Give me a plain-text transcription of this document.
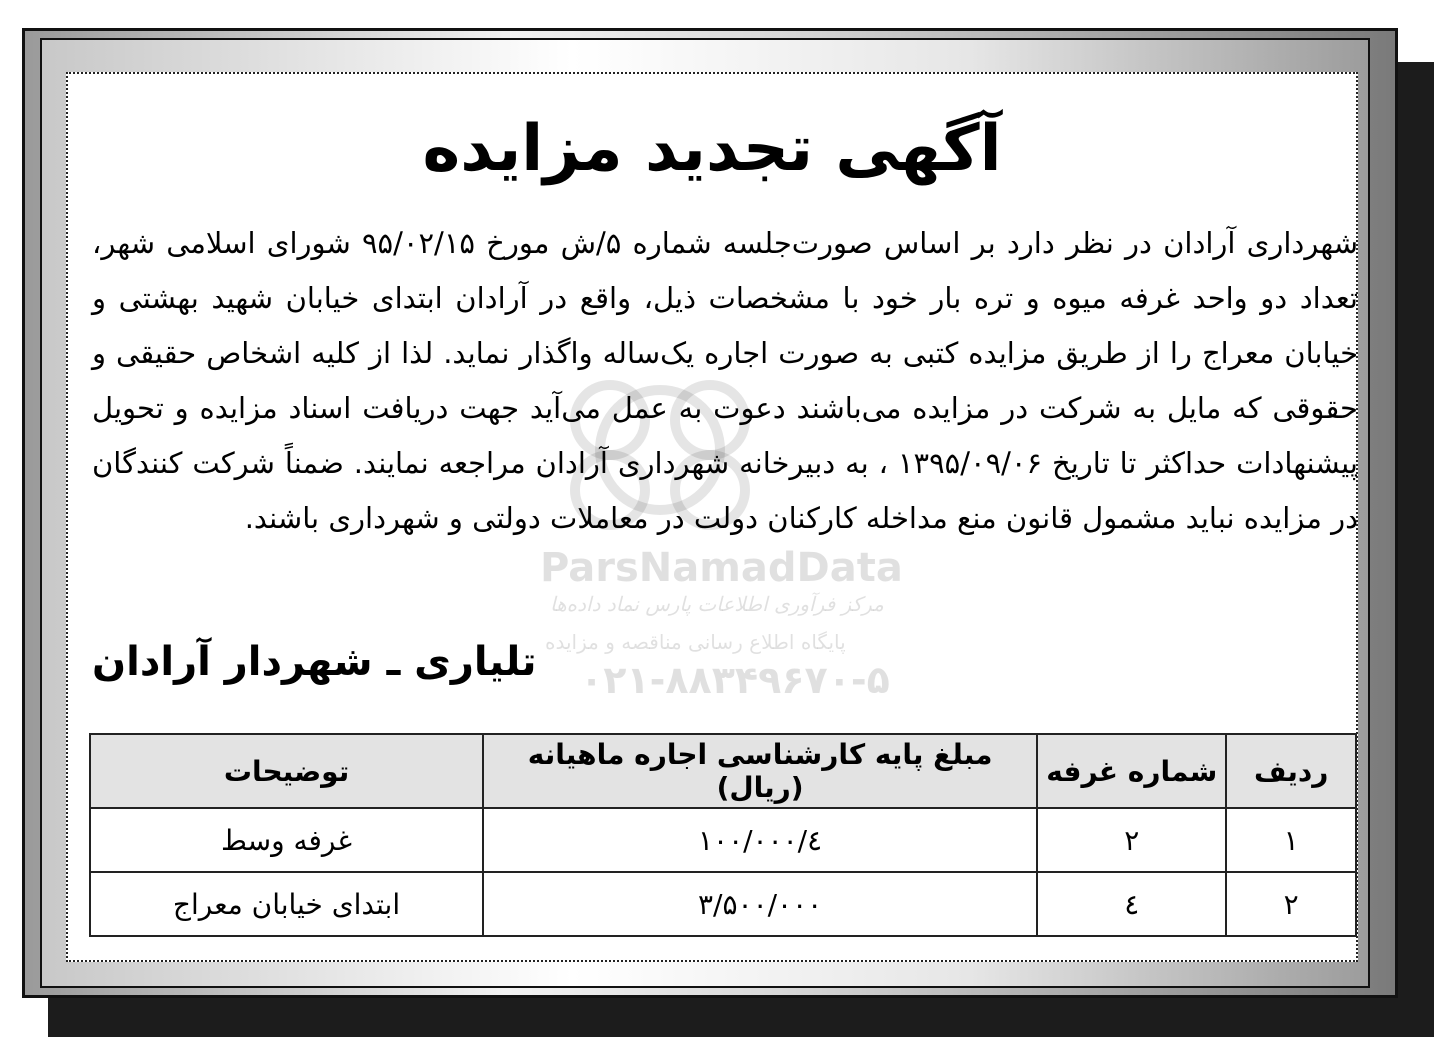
آگهی تجدید مزایده
شهرداری آرادان در نظر دارد بر اساس صورت‌جلسه شماره ۵/ش مورخ ۹۵/۰۲/۱۵ شورای اسلامی شهر، تعداد دو واحد غرفه میوه و تره بار خود با مشخصات ذیل، واقع در آرادان ابتدای خیابان شهید بهشتی و خیابان معراج را از طریق مزایده کتبی به صورت اجاره یک‌ساله واگذار نماید. لذا از کلیه اشخاص حقیقی و حقوقی که مایل به شرکت در مزایده می‌باشند دعوت به عمل می‌آید جهت دریافت اسناد مزایده و تحویل پیشنهادات حداکثر تا تاریخ ۱۳۹۵/۰۹/۰۶ ، به دبیرخانه شهرداری آرادان مراجعه نمایند. ضمناً شرکت کنندگان در مزایده نباید مشمول قانون منع مداخله کارکنان دولت در معاملات دولتی و شهرداری باشند.
تلیاری ـ شهردار آرادان
ردیف	شماره غرفه	مبلغ پایه کارشناسی اجاره ماهیانه (ریال)	توضیحات
۱	۲	٤/۱۰۰/۰۰۰	غرفه وسط
۲	٤	۳/۵۰۰/۰۰۰	ابتدای خیابان معراج
